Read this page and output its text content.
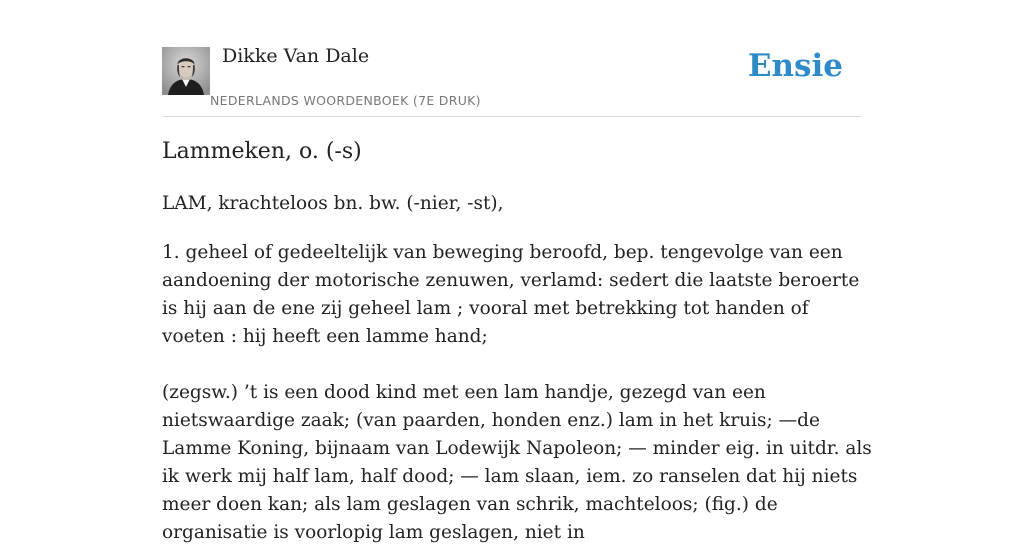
Dikke Van Dale
NEDERLANDS WOORDENBOEK (7E DRUK)
Ensie
Lammeken, o. (-s)
LAM, krachteloos bn. bw. (-nier, -st),

1. geheel of gedeeltelijk van beweging beroofd, bep. tengevolge van een aandoening der motorische zenuwen, verlamd: sedert die laatste beroerte is hij aan de ene zij geheel lam ; vooral met betrekking tot handen of voeten : hij heeft een lamme hand;

(zegsw.) ’t is een dood kind met een lam handje, gezegd van een nietswaardige zaak; (van paarden, honden enz.) lam in het kruis; —de Lamme Koning, bijnaam van Lodewijk Napoleon; — minder eig. in uitdr. als ik werk mij half lam, half dood; — lam slaan, iem. zo ranselen dat hij niets meer doen kan; als lam geslagen van schrik, machteloos; (fig.) de organisatie is voorlopig lam geslagen, niet in
